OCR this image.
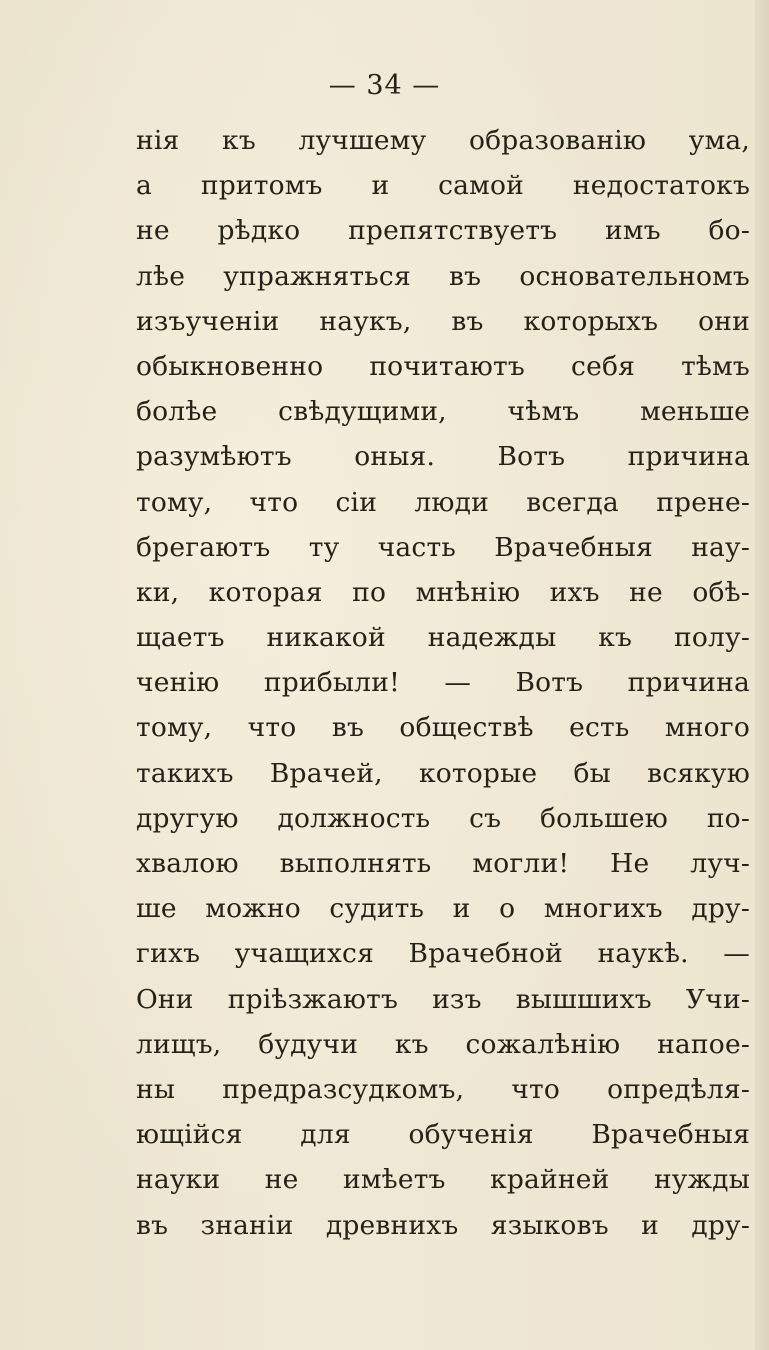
— 34 —
нія къ лучшему образованію ума,
а притомъ и самой недостатокъ
не рѣдко препятствуетъ имъ бо-
лѣе упражняться въ основательномъ
изъученіи наукъ, въ которыхъ они
обыкновенно почитаютъ себя тѣмъ
болѣе свѣдущими, чѣмъ меньше
разумѣютъ оныя. Вотъ причина
тому, что сіи люди всегда прене-
брегаютъ ту часть Врачебныя нау-
ки, которая по мнѣнію ихъ не обѣ-
щаетъ никакой надежды къ полу-
ченію прибыли! — Вотъ причина
тому, что въ обществѣ есть много
такихъ Врачей, которые бы всякую
другую должность съ большею по-
хвалою выполнять могли! Не луч-
ше можно судить и о многихъ дру-
гихъ учащихся Врачебной наукѣ. —
Они пріѣзжаютъ изъ вышшихъ Учи-
лищъ, будучи къ сожалѣнію напое-
ны предразсудкомъ, что опредѣля-
ющійся для обученія Врачебныя
науки не имѣетъ крайней нужды
въ знаніи древнихъ языковъ и дру-
